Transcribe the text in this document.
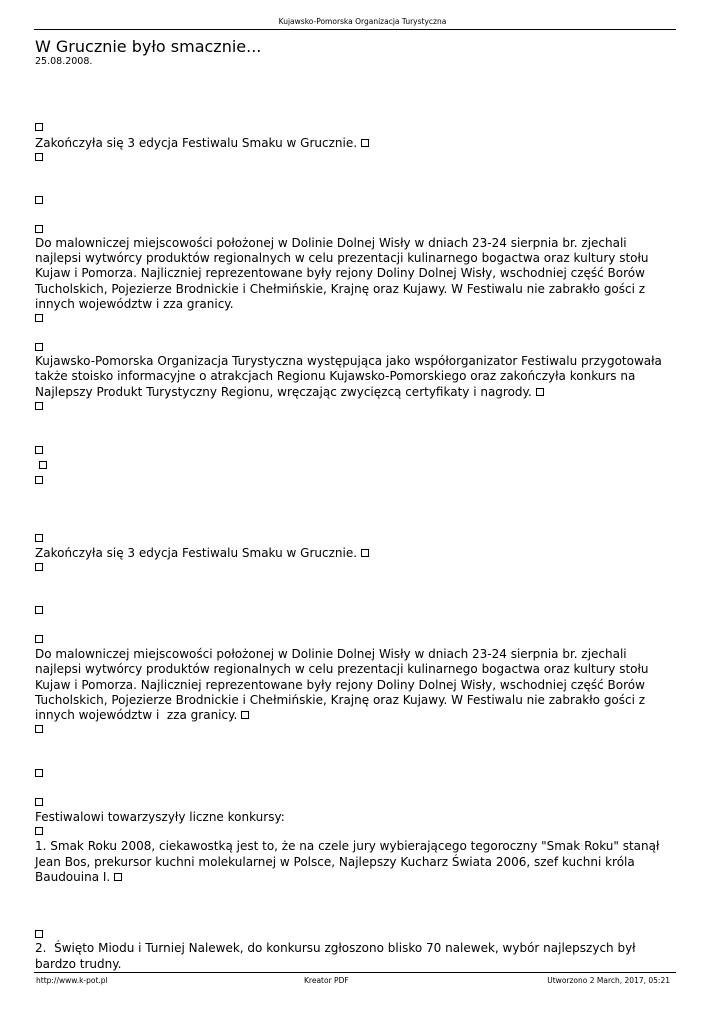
Kujawsko-Pomorska Organizacja Turystyczna
W Grucznie było smacznie...
25.08.2008.
Zakończyła się 3 edycja Festiwalu Smaku w Grucznie.
Do malowniczej miejscowości położonej w Dolinie Dolnej Wisły w dniach 23-24 sierpnia br. zjechali
najlepsi wytwórcy produktów regionalnych w celu prezentacji kulinarnego bogactwa oraz kultury stołu
Kujaw i Pomorza. Najliczniej reprezentowane były rejony Doliny Dolnej Wisły, wschodniej część Borów
Tucholskich, Pojezierze Brodnickie i Chełmińskie, Krajnę oraz Kujawy. W Festiwalu nie zabrakło gości z
innych województw i zza granicy.
Kujawsko-Pomorska Organizacja Turystyczna występująca jako współorganizator Festiwalu przygotowała
także stoisko informacyjne o atrakcjach Regionu Kujawsko-Pomorskiego oraz zakończyła konkurs na
Najlepszy Produkt Turystyczny Regionu, wręczając zwycięzcą certyfikaty i nagrody.

Zakończyła się 3 edycja Festiwalu Smaku w Grucznie.
Do malowniczej miejscowości położonej w Dolinie Dolnej Wisły w dniach 23-24 sierpnia br. zjechali
najlepsi wytwórcy produktów regionalnych w celu prezentacji kulinarnego bogactwa oraz kultury stołu
Kujaw i Pomorza. Najliczniej reprezentowane były rejony Doliny Dolnej Wisły, wschodniej część Borów
Tucholskich, Pojezierze Brodnickie i Chełmińskie, Krajnę oraz Kujawy. W Festiwalu nie zabrakło gości z
innych województw i  zza granicy.
Festiwalowi towarzyszyły liczne konkursy:
1. Smak Roku 2008, ciekawostką jest to, że na czele jury wybierającego tegoroczny "Smak Roku" stanął
Jean Bos, prekursor kuchni molekularnej w Polsce, Najlepszy Kucharz Świata 2006, szef kuchni króla
Baudouina I.
2.  Święto Miodu i Turniej Nalewek, do konkursu zgłoszono blisko 70 nalewek, wybór najlepszych był
bardzo trudny.
http://www.k-pot.pl	Kreator PDF	Utworzono 2 March, 2017, 05:21
